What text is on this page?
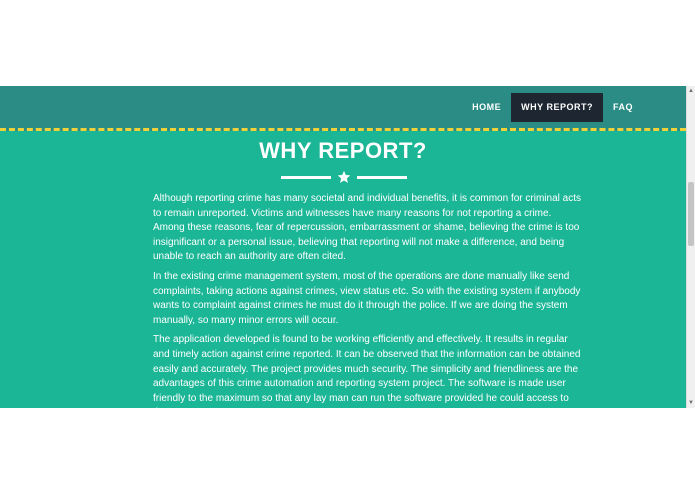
HOME	WHY REPORT?	FAQ
WHY REPORT?

Although reporting crime has many societal and individual benefits, it is common for criminal acts to remain unreported. Victims and witnesses have many reasons for not reporting a crime. Among these reasons, fear of repercussion, embarrassment or shame, believing the crime is too insignificant or a personal issue, believing that reporting will not make a difference, and being unable to reach an authority are often cited.

In the existing crime management system, most of the operations are done manually like send complaints, taking actions against crimes, view status etc. So with the existing system if anybody wants to complaint against crimes he must do it through the police. If we are doing the system manually, so many minor errors will occur.

The application developed is found to be working efficiently and effectively. It results in regular and timely action against crime reported. It can be observed that the information can be obtained easily and accurately. The project provides much security. The simplicity and friendliness are the advantages of this crime automation and reporting system project. The software is made user friendly to the maximum so that any lay man can run the software provided he could access to the

▲
▼
